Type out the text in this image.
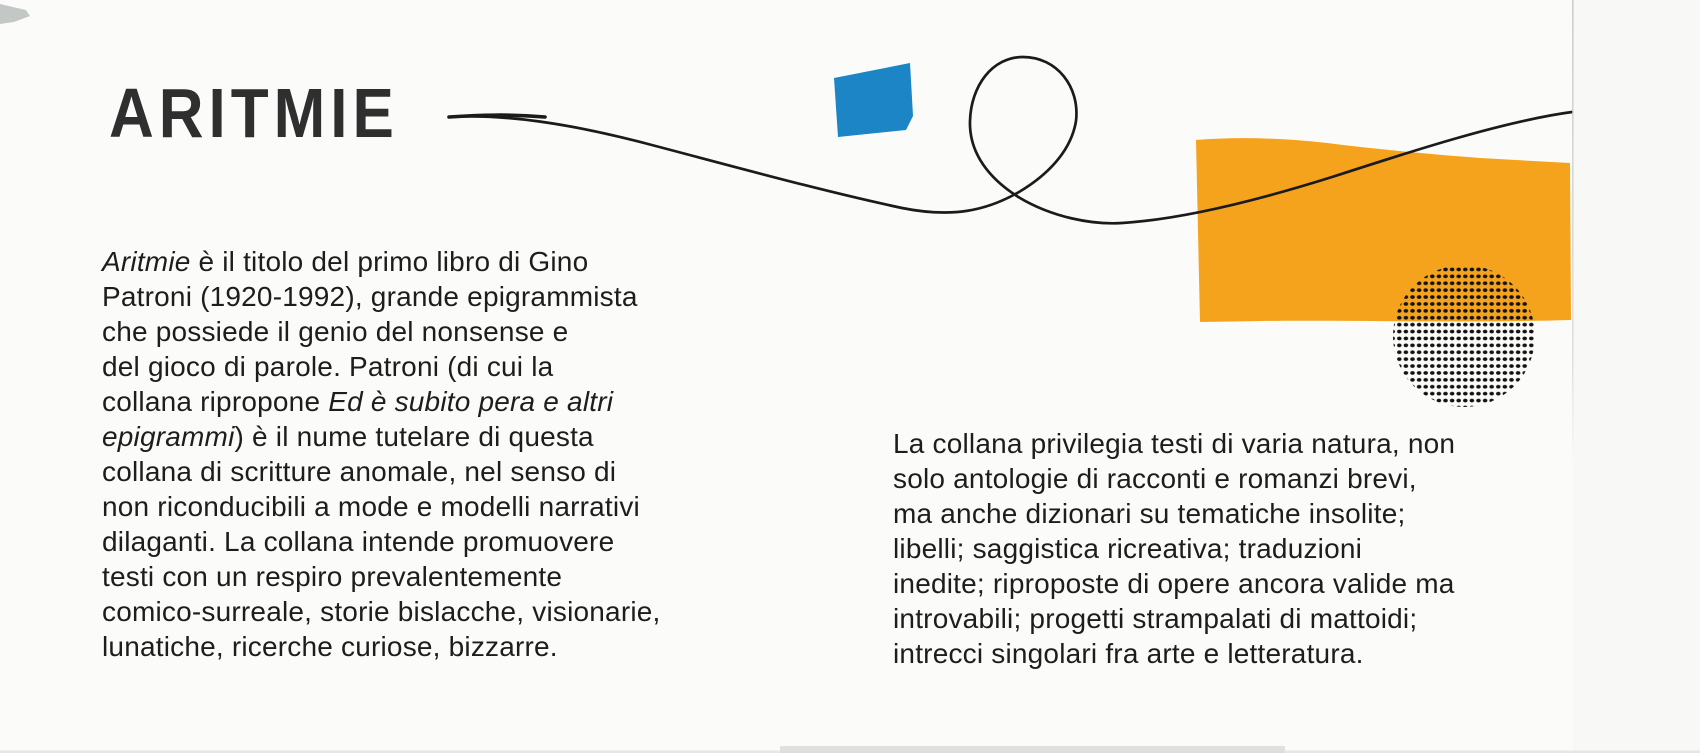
ARITMIE
Aritmie è il titolo del primo libro di Gino
Patroni (1920-1992), grande epigrammista
che possiede il genio del nonsense e
del gioco di parole. Patroni (di cui la
collana ripropone Ed è subito pera e altri
epigrammi) è il nume tutelare di questa
collana di scritture anomale, nel senso di
non riconducibili a mode e modelli narrativi
dilaganti. La collana intende promuovere
testi con un respiro prevalentemente
comico-surreale, storie bislacche, visionarie,
lunatiche, ricerche curiose, bizzarre.
La collana privilegia testi di varia natura, non
solo antologie di racconti e romanzi brevi,
ma anche dizionari su tematiche insolite;
libelli; saggistica ricreativa; traduzioni
inedite; riproposte di opere ancora valide ma
introvabili; progetti strampalati di mattoidi;
intrecci singolari fra arte e letteratura.
